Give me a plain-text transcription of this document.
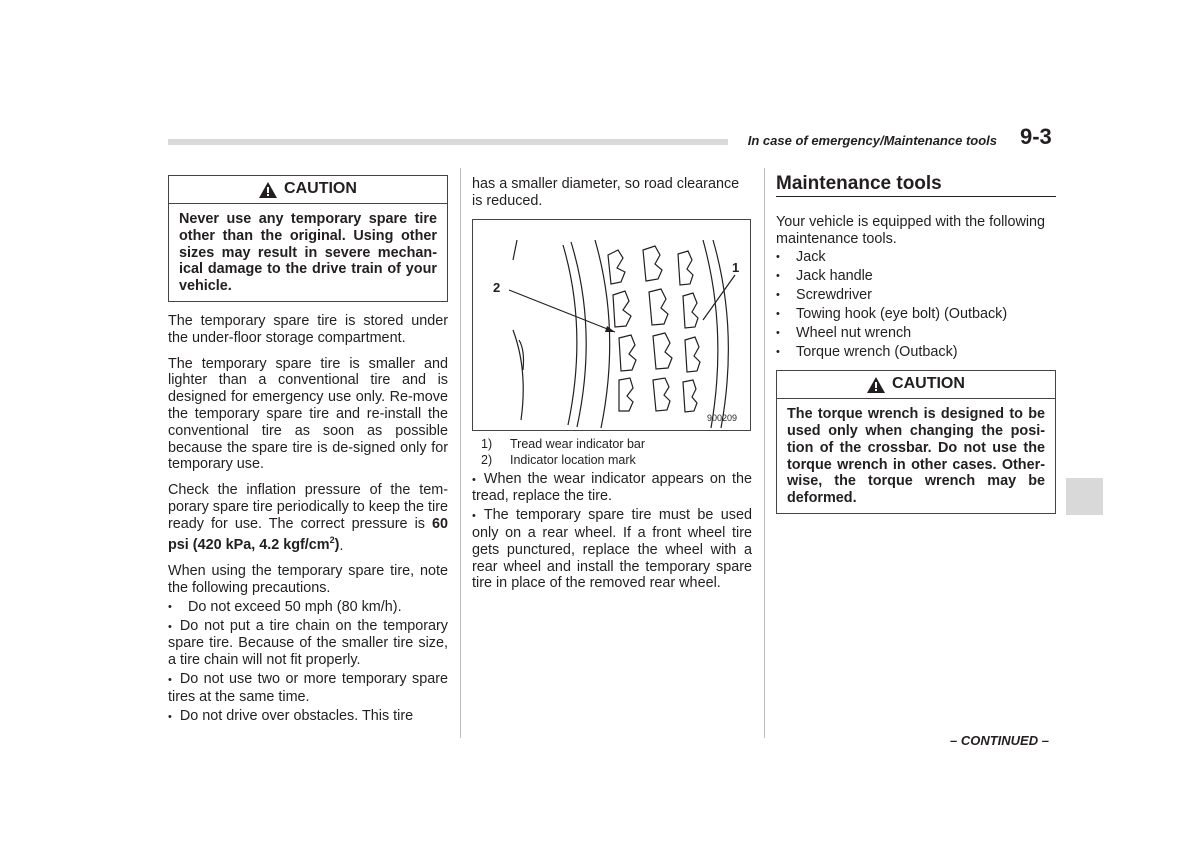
In case of emergency/Maintenance tools 9-3
CAUTION
Never use any temporary spare tire other than the original. Using other sizes may result in severe mechan-ical damage to the drive train of your vehicle.

The temporary spare tire is stored under the under-floor storage compartment.

The temporary spare tire is smaller and lighter than a conventional tire and is designed for emergency use only. Re-move the temporary spare tire and re-install the conventional tire as soon as possible because the spare tire is de-signed only for temporary use.

Check the inflation pressure of the tem-porary spare tire periodically to keep the tire ready for use. The correct pressure is 60 psi (420 kPa, 4.2 kgf/$cm^2$).

When using the temporary spare tire, note the following precautions.

•	Do not exceed 50 mph (80 km/h).

• Do not put a tire chain on the temporary spare tire. Because of the smaller tire size, a tire chain will not fit properly.

• Do not use two or more temporary spare tires at the same time.

• Do not drive over obstacles. This tire

has a smaller diameter, so road clearance is reduced.

2
1
900209
1)	Tread wear indicator bar
2)	Indicator location mark

• When the wear indicator appears on the tread, replace the tire.

• The temporary spare tire must be used only on a rear wheel. If a front wheel tire gets punctured, replace the wheel with a rear wheel and install the temporary spare tire in place of the removed rear wheel.

Maintenance tools

Your vehicle is equipped with the following maintenance tools.

•	Jack
•	Jack handle
•	Screwdriver
•	Towing hook (eye bolt) (Outback)
•	Wheel nut wrench
•	Torque wrench (Outback)
CAUTION
The torque wrench is designed to be used only when changing the posi-tion of the crossbar. Do not use the torque wrench in other cases. Other-wise, the torque wrench may be deformed.
– CONTINUED –
